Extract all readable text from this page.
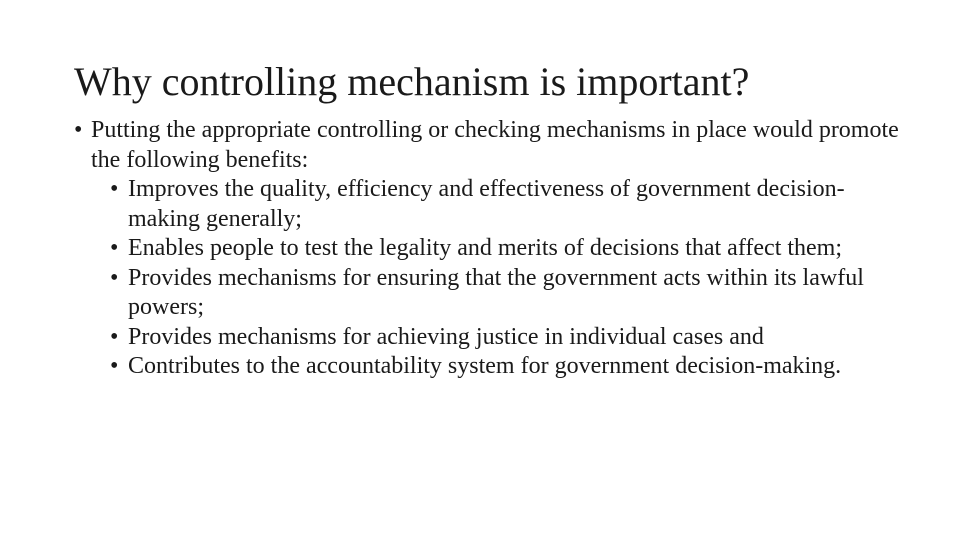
Why controlling mechanism is important?
• Putting the appropriate controlling or checking mechanisms in place would promote the following benefits:
• Improves the quality, efficiency and effectiveness of government decision- making generally;
• Enables people to test the legality and merits of decisions that affect them;
• Provides mechanisms for ensuring that the government acts within its lawful powers;
• Provides mechanisms for achieving justice in individual cases and
• Contributes to the accountability system for government decision-making.
